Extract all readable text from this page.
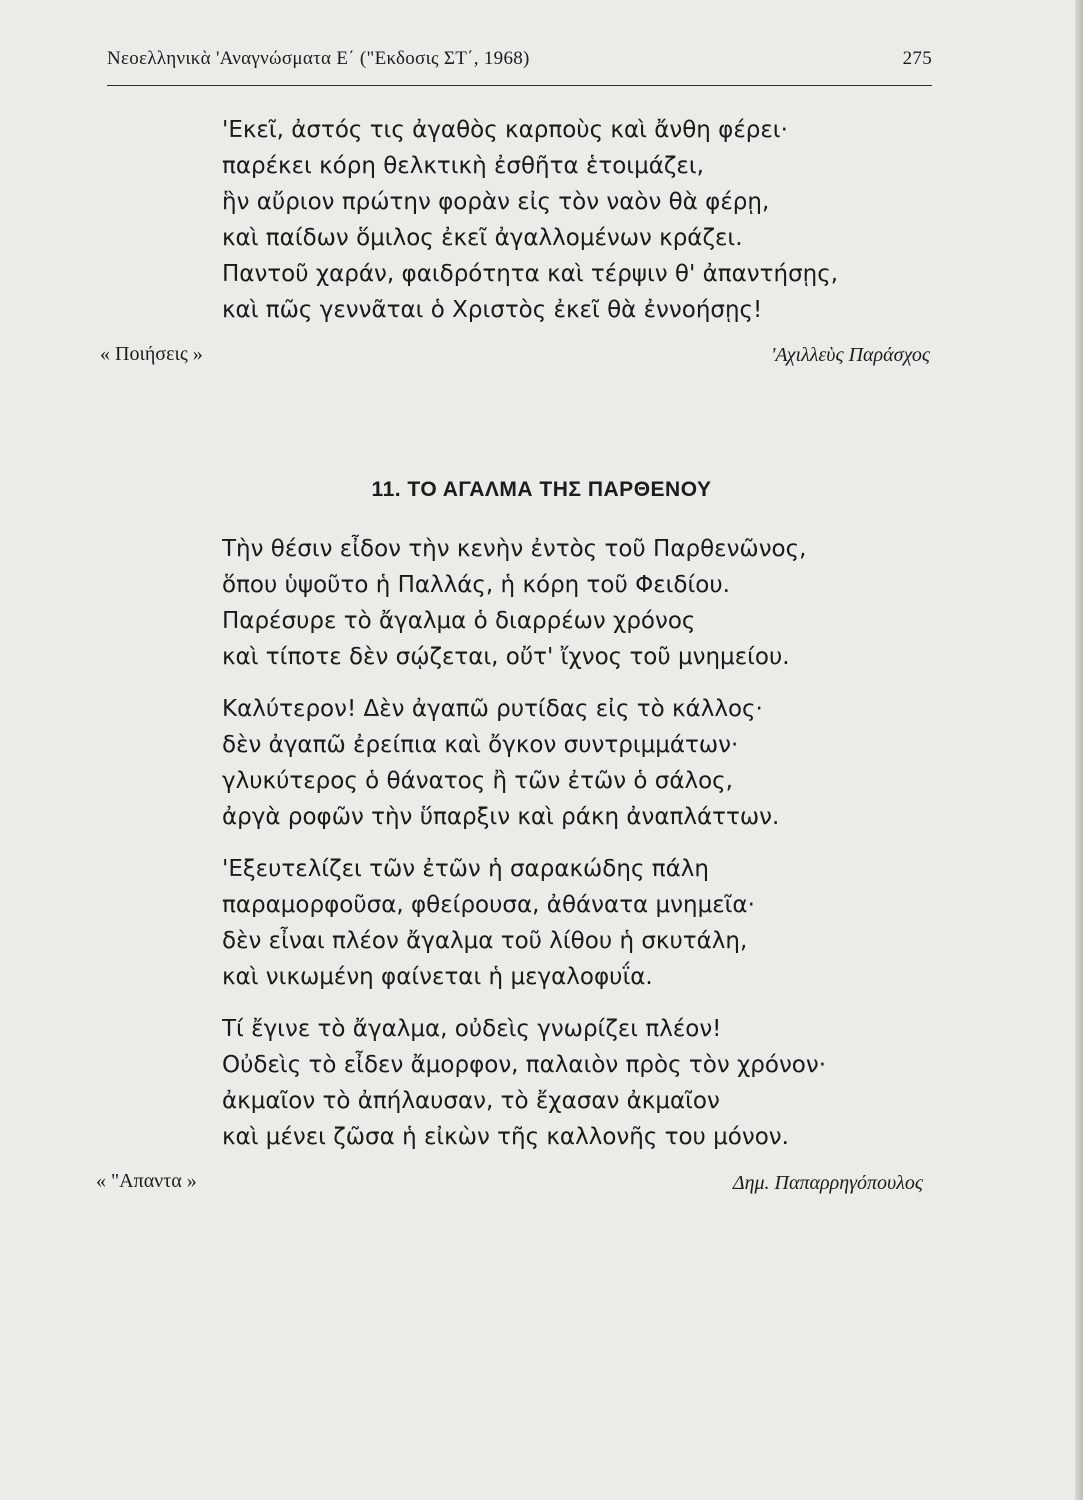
Νεοελληνικὰ 'Αναγνώσματα Ε΄ ("Εκδοσις ΣΤ΄, 1968)	275
'Εκεῖ, ἀστός τις ἀγαθὸς καρποὺς καὶ ἄνθη φέρει·
παρέκει κόρη θελκτικὴ ἐσθῆτα ἑτοιμάζει,
ἣν αὔριον πρώτην φορὰν εἰς τὸν ναὸν θὰ φέρῃ,
καὶ παίδων ὅμιλος ἐκεῖ ἀγαλλομένων κράζει.
Παντοῦ χαράν, φαιδρότητα καὶ τέρψιν θ' ἀπαντήσῃς,
καὶ πῶς γεννᾶται ὁ Χριστὸς ἐκεῖ θὰ ἐννοήσῃς!
« Ποιήσεις »	'Αχιλλεὺς Παράσχος
11. ΤΟ ΑΓΑΛΜΑ ΤΗΣ ΠΑΡΘΕΝΟΥ
Τὴν θέσιν εἶδον τὴν κενὴν ἐντὸς τοῦ Παρθενῶνος,
ὅπου ὑψοῦτο ἡ Παλλάς, ἡ κόρη τοῦ Φειδίου.
Παρέσυρε τὸ ἄγαλμα ὁ διαρρέων χρόνος
καὶ τίποτε δὲν σῴζεται, οὔτ' ἴχνος τοῦ μνημείου.
Καλύτερον! Δὲν ἀγαπῶ ρυτίδας εἰς τὸ κάλλος·
δὲν ἀγαπῶ ἐρείπια καὶ ὄγκον συντριμμάτων·
γλυκύτερος ὁ θάνατος ἢ τῶν ἐτῶν ὁ σάλος,
ἀργὰ ροφῶν τὴν ὕπαρξιν καὶ ράκη ἀναπλάττων.
'Εξευτελίζει τῶν ἐτῶν ἡ σαρακώδης πάλη
παραμορφοῦσα, φθείρουσα, ἀθάνατα μνημεῖα·
δὲν εἶναι πλέον ἄγαλμα τοῦ λίθου ἡ σκυτάλη,
καὶ νικωμένη φαίνεται ἡ μεγαλοφυΐα.
Τί ἔγινε τὸ ἄγαλμα, οὐδεὶς γνωρίζει πλέον!
Οὐδεὶς τὸ εἶδεν ἄμορφον, παλαιὸν πρὸς τὸν χρόνον·
ἀκμαῖον τὸ ἀπήλαυσαν, τὸ ἔχασαν ἀκμαῖον
καὶ μένει ζῶσα ἡ εἰκὼν τῆς καλλονῆς του μόνον.
« "Απαντα »	Δημ. Παπαρρηγόπουλος
